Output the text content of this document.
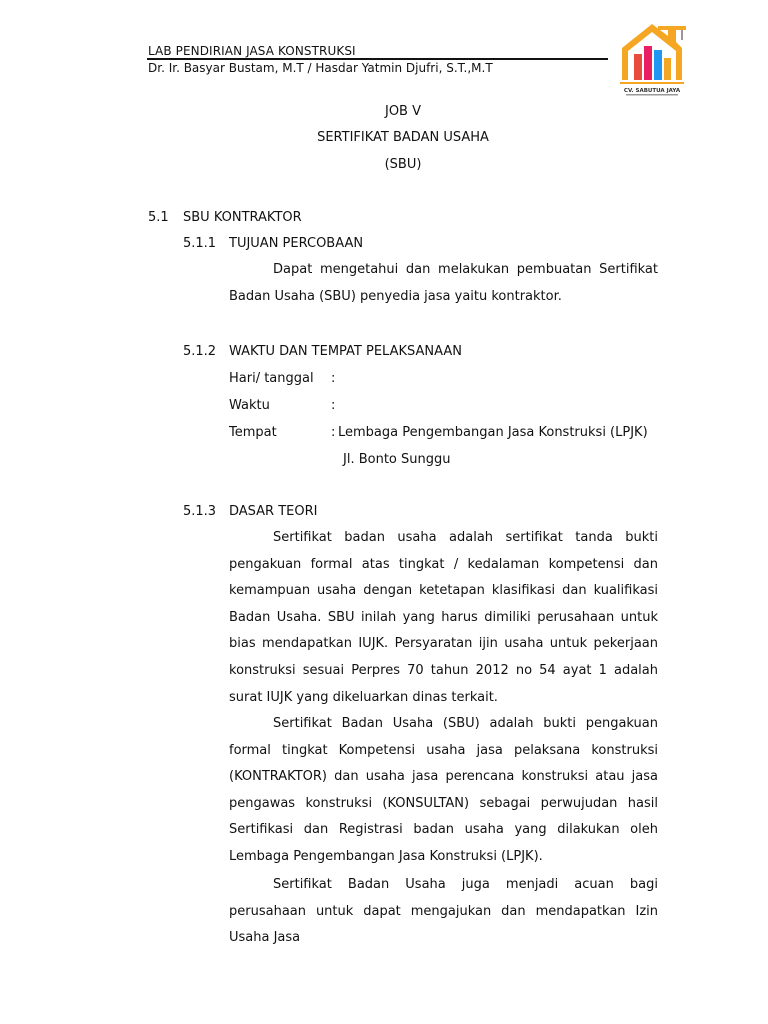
LAB PENDIRIAN JASA KONSTRUKSI
Dr. Ir. Basyar Bustam, M.T / Hasdar Yatmin Djufri, S.T.,M.T
CV. SABUTUA JAYA
JOB V
SERTIFIKAT BADAN USAHA
(SBU)
5.1 SBU KONTRAKTOR
5.1.1 TUJUAN PERCOBAAN

Dapat mengetahui dan melakukan pembuatan Sertifikat Badan Usaha (SBU) penyedia jasa yaitu kontraktor.

5.1.2 WAKTU DAN TEMPAT PELAKSANAAN
Hari/ tanggal :
Waktu	:
Tempat	: Lembaga Pengembangan Jasa Konstruksi (LPJK)
Jl. Bonto Sunggu
5.1.3 DASAR TEORI

Sertifikat badan usaha adalah sertifikat tanda bukti pengakuan formal atas tingkat / kedalaman kompetensi dan kemampuan usaha dengan ketetapan klasifikasi dan kualifikasi Badan Usaha. SBU inilah yang harus dimiliki perusahaan untuk bias mendapatkan IUJK. Persyaratan ijin usaha untuk pekerjaan konstruksi sesuai Perpres 70 tahun 2012 no 54 ayat 1 adalah surat IUJK yang dikeluarkan dinas terkait.

Sertifikat Badan Usaha (SBU) adalah bukti pengakuan formal tingkat Kompetensi usaha jasa pelaksana konstruksi (KONTRAKTOR) dan usaha jasa perencana konstruksi atau jasa pengawas konstruksi (KONSULTAN) sebagai perwujudan hasil Sertifikasi dan Registrasi badan usaha yang dilakukan oleh Lembaga Pengembangan Jasa Konstruksi (LPJK).

Sertifikat Badan Usaha juga menjadi acuan bagi perusahaan untuk dapat mengajukan dan mendapatkan Izin Usaha Jasa
